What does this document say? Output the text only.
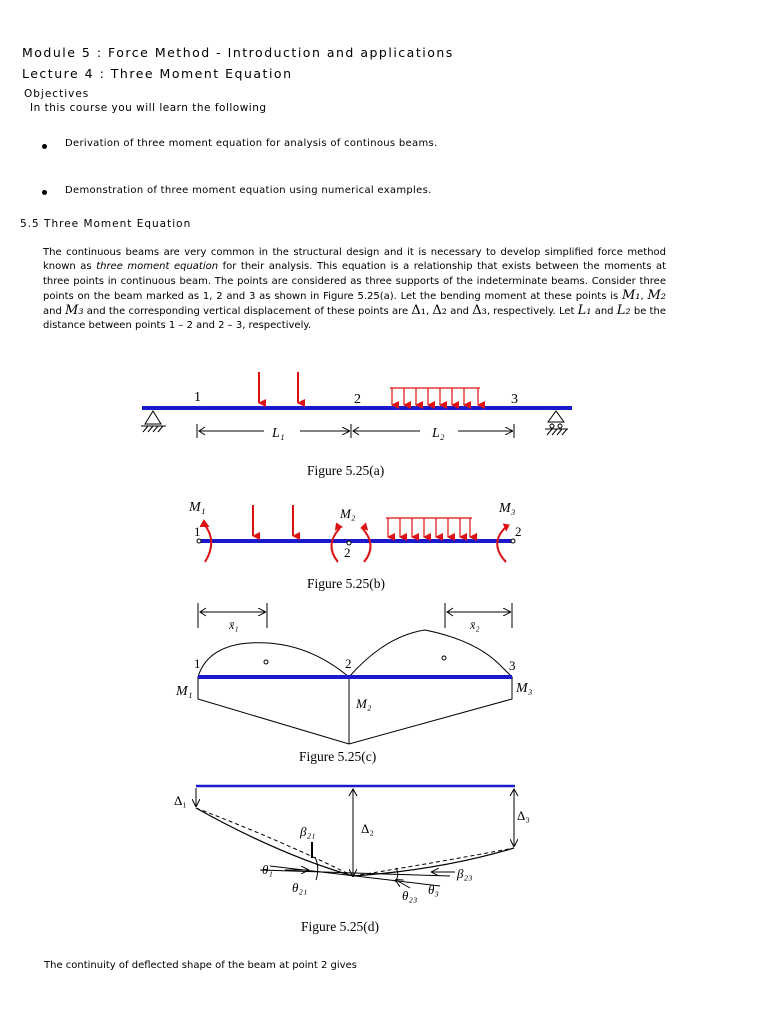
Module 5 : Force Method - Introduction and applications
Lecture 4 : Three Moment Equation
Objectives
In this course you will learn the following
Derivation of three moment equation for analysis of continous beams.
Demonstration of three moment equation using numerical examples.
5.5 Three Moment Equation
The continuous beams are very common in the structural design and it is necessary to develop simplified force method known as three moment equation for their analysis. This equation is a relationship that exists between the moments at three points in continuous beam. The points are considered as three supports of the indeterminate beams. Consider three points on the beam marked as 1, 2 and 3 as shown in Figure 5.25(a). Let the bending moment at these points is M₁, M₂ and M₃ and the corresponding vertical displacement of these points are Δ₁, Δ₂ and Δ₃, respectively. Let L₁ and L₂ be the distance between points 1 – 2 and 2 – 3, respectively.
1	2	3
L₁	L₂
Figure 5.25(a)
M₁	M₂	M₃
1
2
2
Figure 5.25(b)
x̄₁	x̄₂
1	2	3
M₁
M₂
M₃
Figure 5.25(c)
Δ₁
Δ₂
Δ₃
β₂₁
β₂₃
θ₁
θ₂₁
θ₂₃ θ₃
Figure 5.25(d)
The continuity of deflected shape of the beam at point 2 gives
